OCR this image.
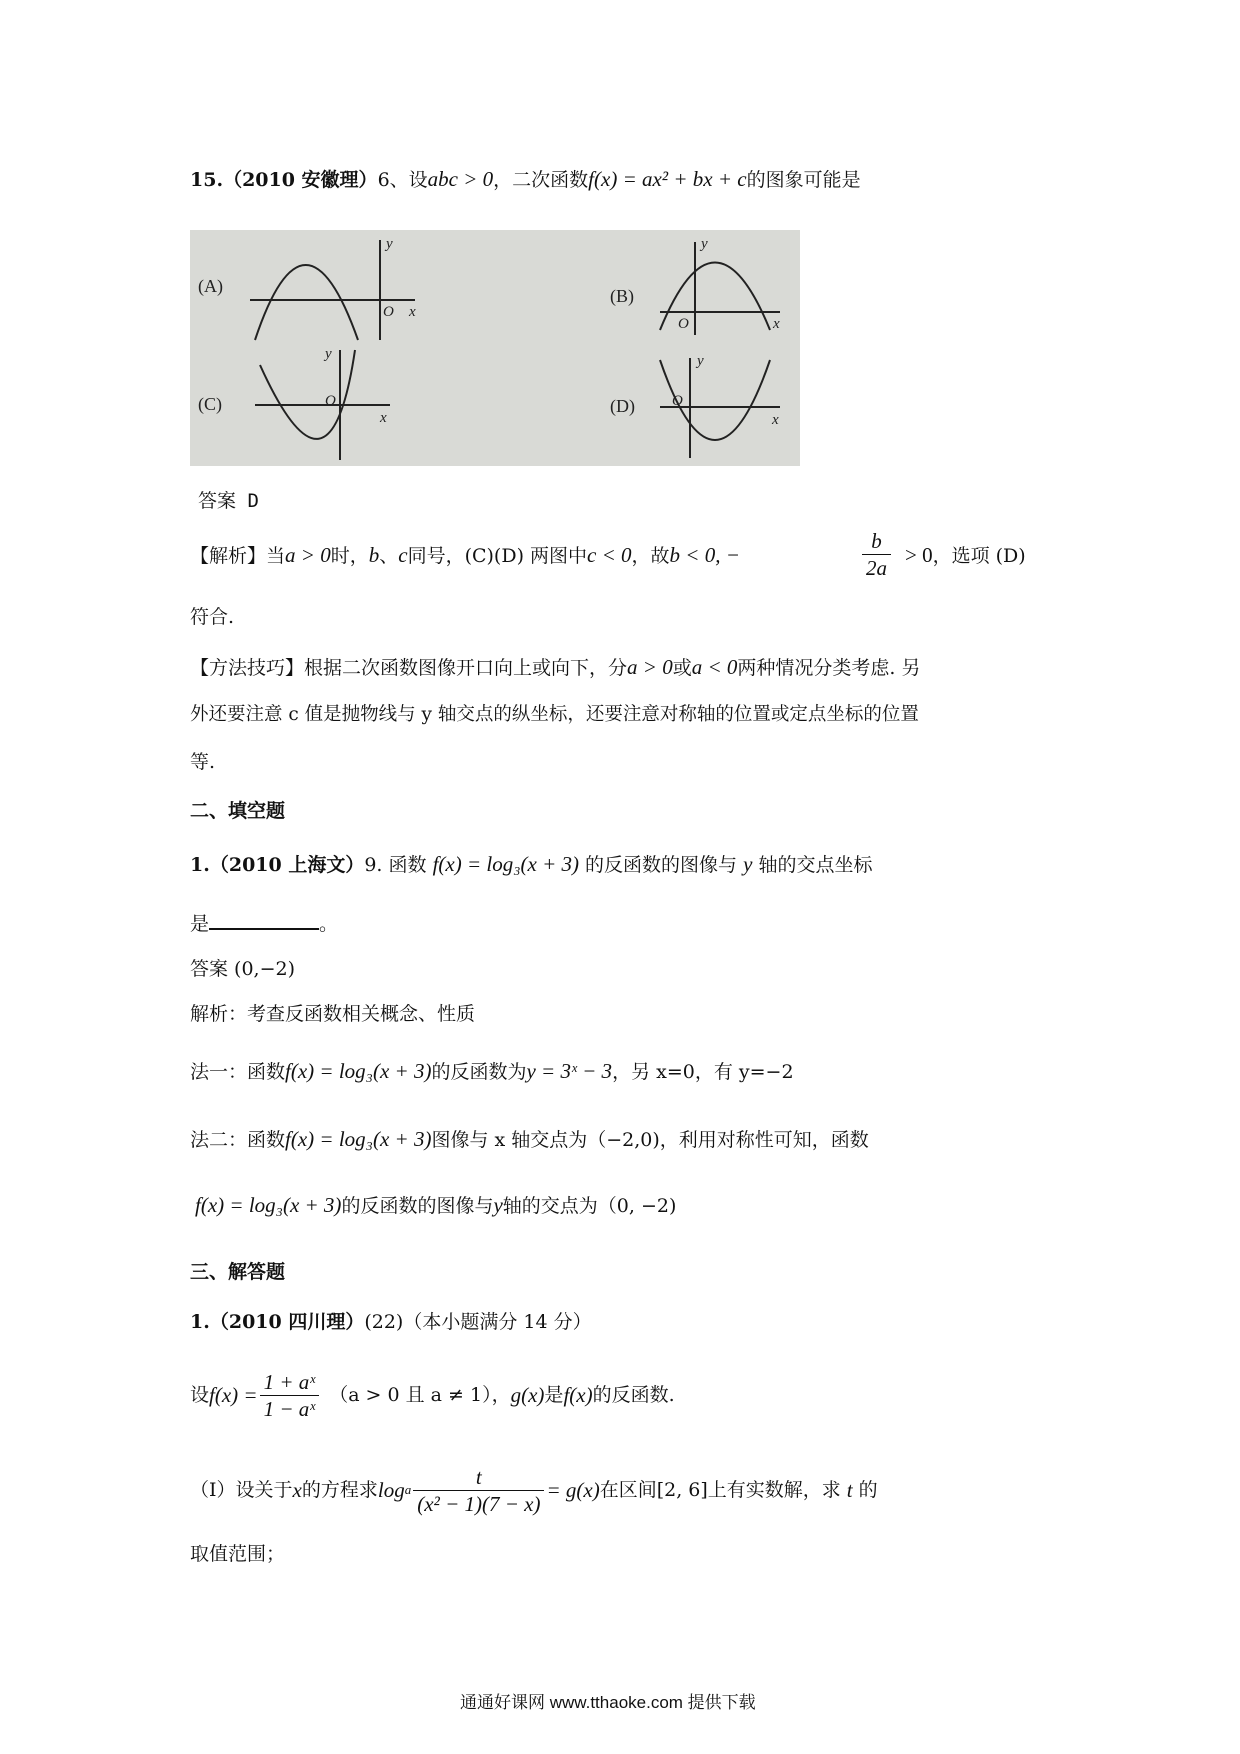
15.（2010 安徽理）6、设abc > 0，二次函数f(x) = ax² + bx + c的图象可能是
(A)	(B)
(C)	(D)
y
x
O
y
x
O
y
x
O
y
x
O
答案 D
【解析】当a > 0时，b、c同号，(C)(D) 两图中c < 0，故b < 0, −	$\frac{b}{2a} > 0$，选项 (D)
符合.
【方法技巧】根据二次函数图像开口向上或向下，分a > 0或a < 0两种情况分类考虑. 另
外还要注意 c 值是抛物线与 y 轴交点的纵坐标，还要注意对称轴的位置或定点坐标的位置
等.
二、填空题
1.（2010 上海文）9. 函数 f(x) = log₃(x + 3) 的反函数的图像与 y 轴的交点坐标
是	。
答案 (0,−2)
解析：考查反函数相关概念、性质
法一：函数f(x) = log₃(x + 3)的反函数为y = 3ˣ − 3，另 x=0，有 y=−2
法二：函数f(x) = log₃(x + 3)图像与 x 轴交点为（−2,0)，利用对称性可知，函数
f(x) = log₃(x + 3)的反函数的图像与y轴的交点为（0, −2)
三、解答题
1.（2010 四川理）(22)（本小题满分 14 分）
设 $f(x) = \frac{\text{1 + aˣ}}{\text{1 − aˣ}} (a > 0$ 且 a ≠ 1）， g(x) 是 f(x) 的反函数.
（Ⅰ）设关于 x 的方程求 log a $\frac{t}{\text{(x² − 1)(7 − x)}} = g(x)$ 在区间[2, 6]上有实数解，求 t 的
取值范围；
通通好课网 www.tthaoke.com 提供下载
